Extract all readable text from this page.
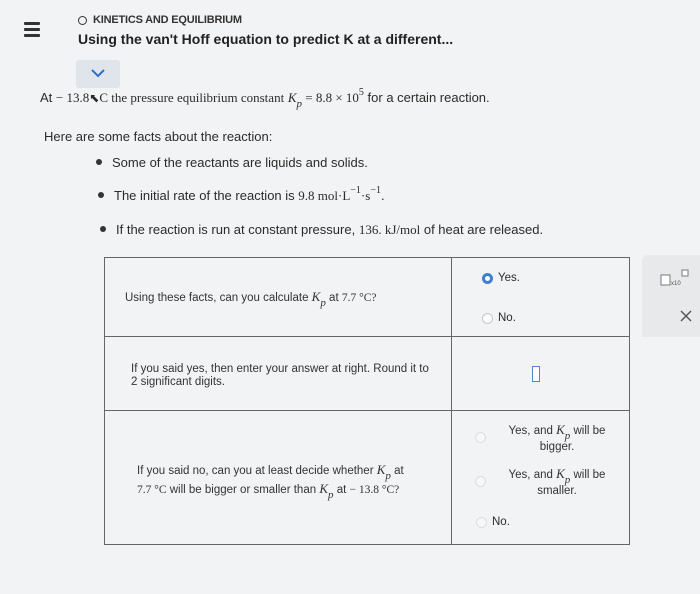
KINETICS AND EQUILIBRIUM
Using the van't Hoff equation to predict K at a different...
At − 13.8⬉C the pressure equilibrium constant $K_p = 8.8 \times 10^5$ for a certain reaction.
Here are some facts about the reaction:
Some of the reactants are liquids and solids.
The initial rate of the reaction is
9.8 mol·L −1 ·s −1 .
If the reaction is run at constant pressure,
136. kJ/mol
of heat are released.
Using these facts, can you calculate Kp at 7.7 °C?
Yes.
No.
If you said yes, then enter your answer at right. Round it to
2 significant digits.
If you said no, can you at least decide whether Kp at
7.7 °C will be bigger or smaller than Kp at − 13.8 °C?
Yes, and Kp will be
bigger.
Yes, and Kp will be
smaller.
No.
x10
